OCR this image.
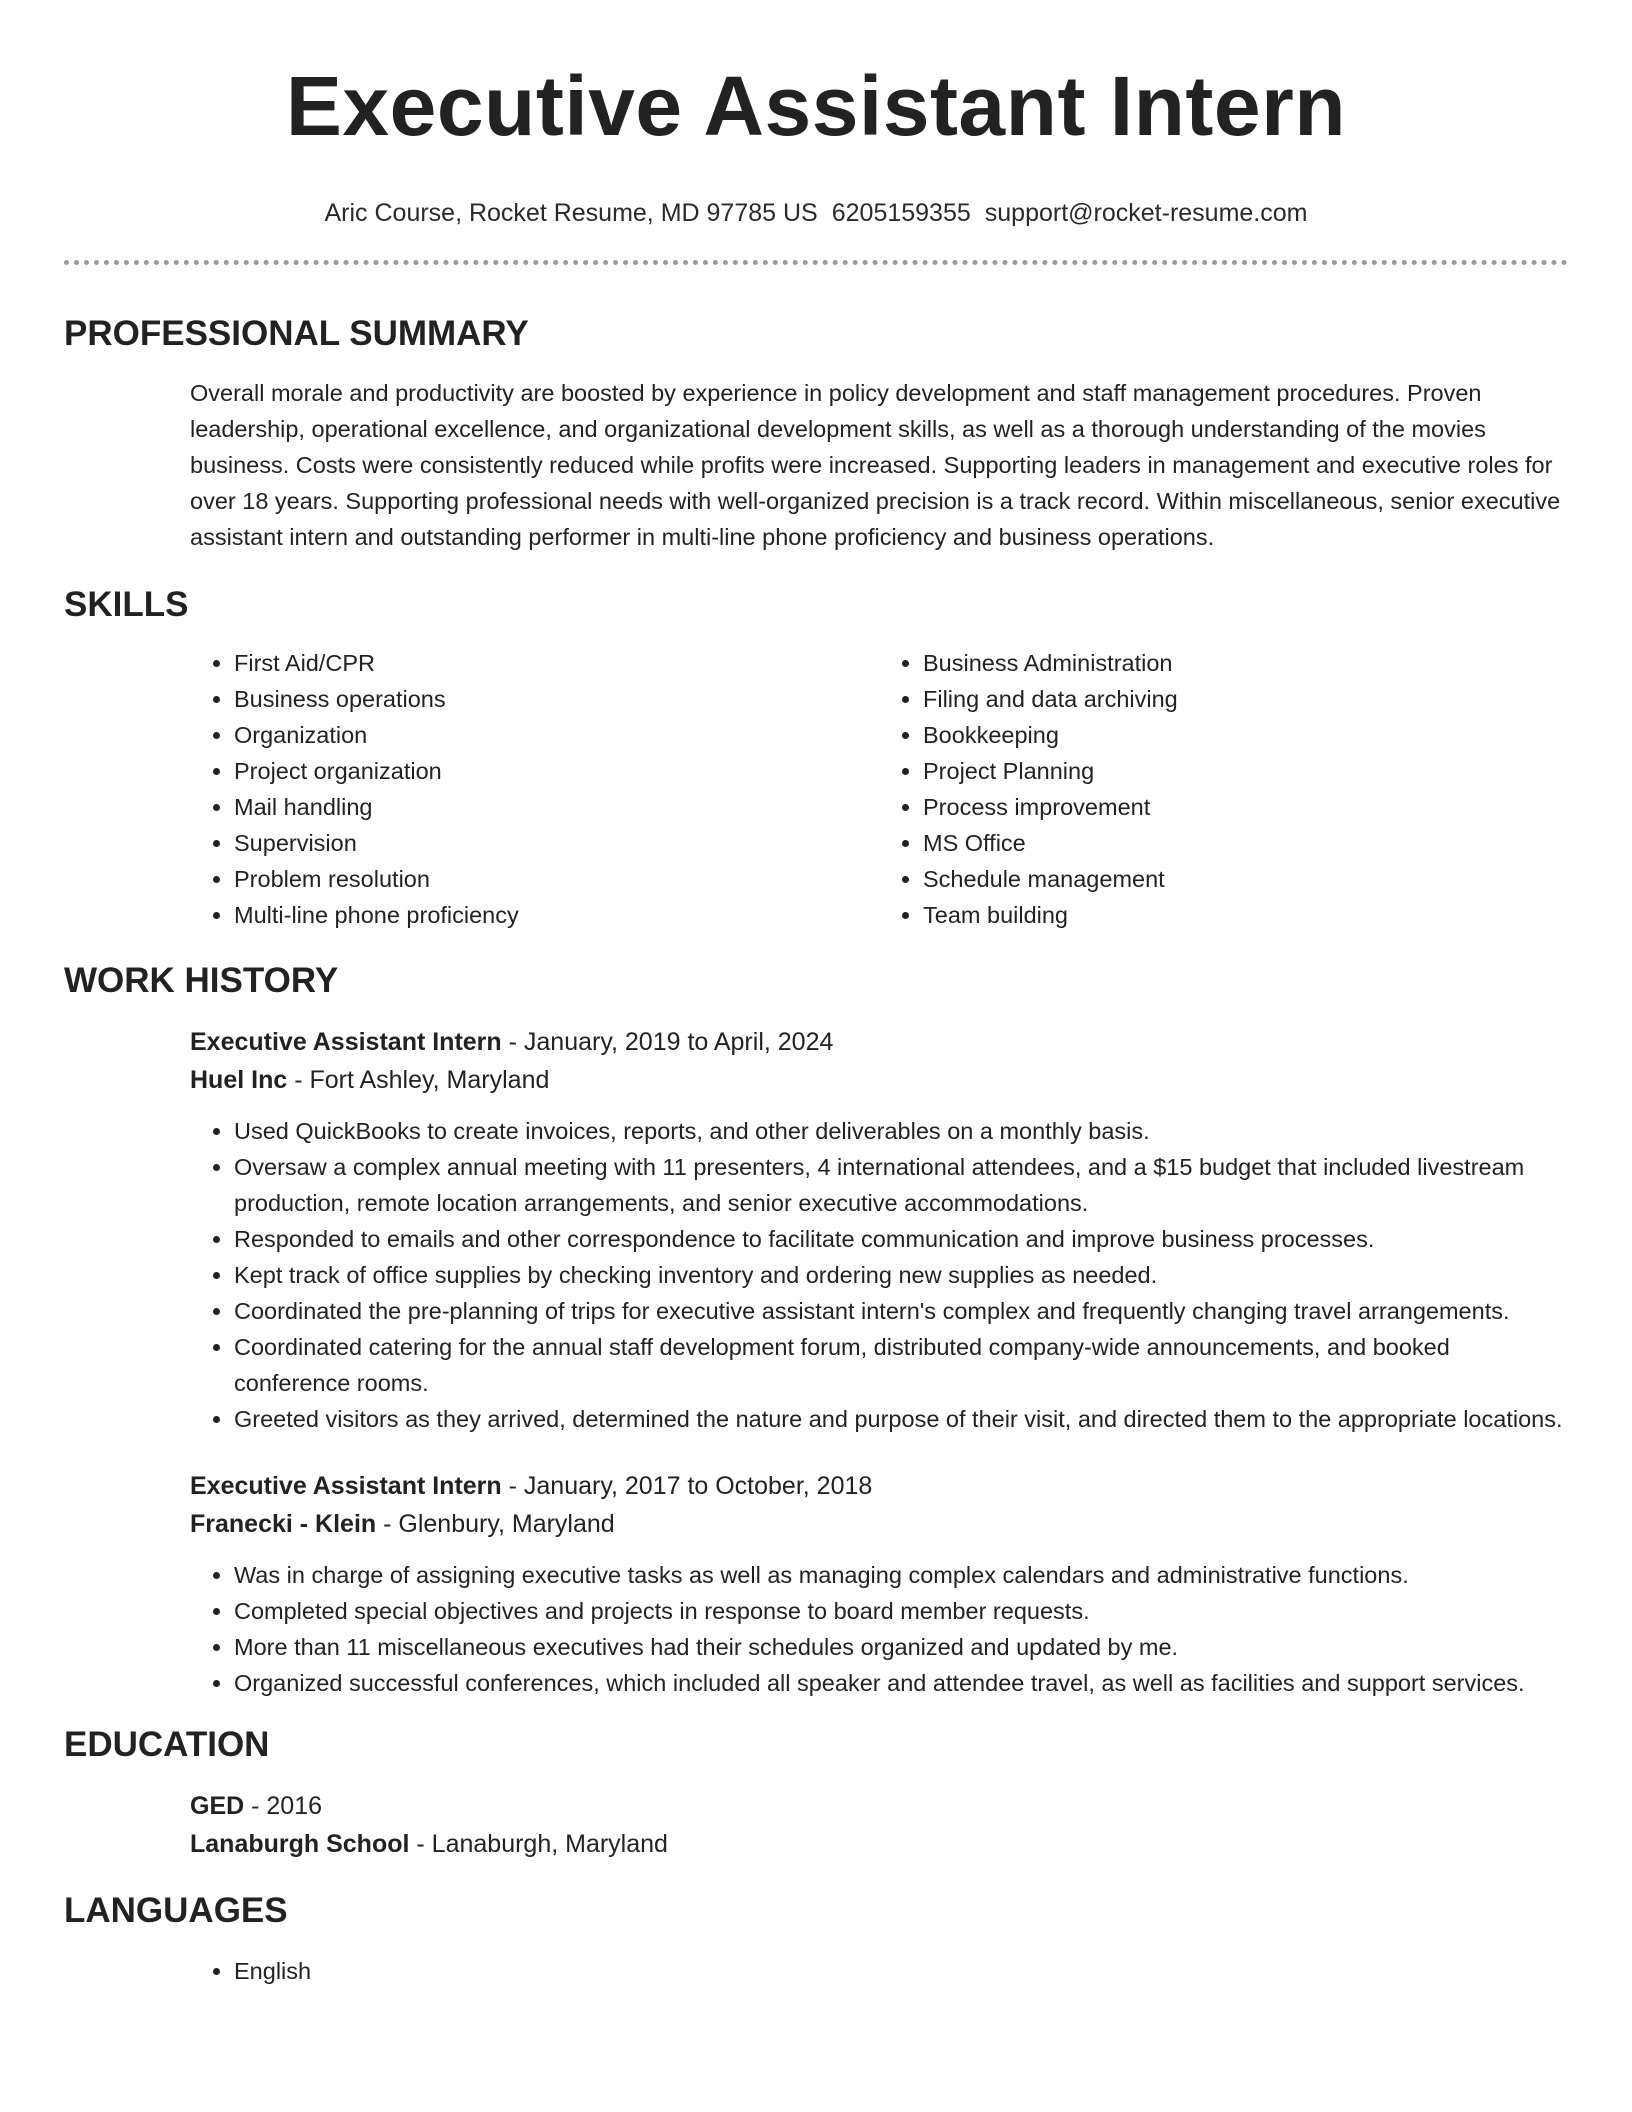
Executive Assistant Intern
Aric Course, Rocket Resume, MD 97785 US 6205159355 support@rocket-resume.com
PROFESSIONAL SUMMARY
Overall morale and productivity are boosted by experience in policy development and staff management procedures. Proven leadership, operational excellence, and organizational development skills, as well as a thorough understanding of the movies business. Costs were consistently reduced while profits were increased. Supporting leaders in management and executive roles for over 18 years. Supporting professional needs with well-organized precision is a track record. Within miscellaneous, senior executive assistant intern and outstanding performer in multi-line phone proficiency and business operations.
SKILLS
• First Aid/CPR
• Business operations
• Organization
• Project organization
• Mail handling
• Supervision
• Problem resolution
• Multi-line phone proficiency
• Business Administration
• Filing and data archiving
• Bookkeeping
• Project Planning
• Process improvement
• MS Office
• Schedule management
• Team building
WORK HISTORY
Executive Assistant Intern - January, 2019 to April, 2024
Huel Inc - Fort Ashley, Maryland
• Used QuickBooks to create invoices, reports, and other deliverables on a monthly basis.
• Oversaw a complex annual meeting with 11 presenters, 4 international attendees, and a $15 budget that included livestream production, remote location arrangements, and senior executive accommodations.
• Responded to emails and other correspondence to facilitate communication and improve business processes.
• Kept track of office supplies by checking inventory and ordering new supplies as needed.
• Coordinated the pre-planning of trips for executive assistant intern's complex and frequently changing travel arrangements.
• Coordinated catering for the annual staff development forum, distributed company-wide announcements, and booked conference rooms.
• Greeted visitors as they arrived, determined the nature and purpose of their visit, and directed them to the appropriate locations.
Executive Assistant Intern - January, 2017 to October, 2018
Franecki - Klein - Glenbury, Maryland
• Was in charge of assigning executive tasks as well as managing complex calendars and administrative functions.
• Completed special objectives and projects in response to board member requests.
• More than 11 miscellaneous executives had their schedules organized and updated by me.
• Organized successful conferences, which included all speaker and attendee travel, as well as facilities and support services.
EDUCATION
GED - 2016
Lanaburgh School - Lanaburgh, Maryland
LANGUAGES
• English
